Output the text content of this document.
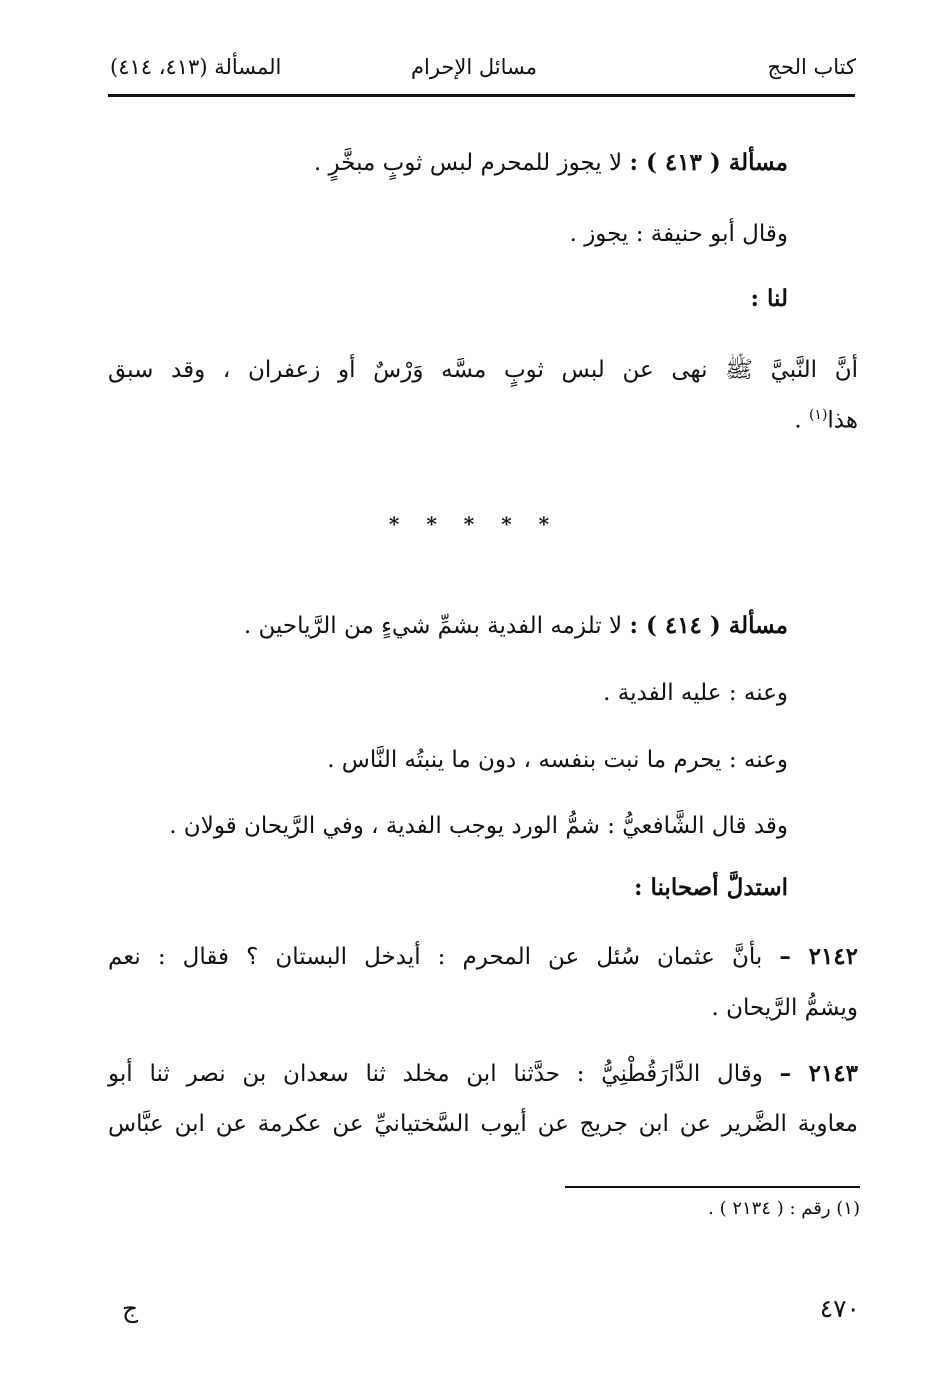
كتاب الحج
مسائل الإحرام
المسألة (٤١٣، ٤١٤)
مسألة ( ٤١٣ ) : لا يجوز للمحرم لبس ثوبٍ مبخَّرٍ .
وقال أبو حنيفة : يجوز .
لنا :
أنَّ النَّبيَّ ﷺ نهى عن لبس ثوبٍ مسَّه وَرْسٌ أو زعفران ، وقد سبق
هذا$^{(١)}$ .
* * * * *
مسألة ( ٤١٤ ) : لا تلزمه الفدية بشمِّ شيءٍ من الرَّياحين .
وعنه : عليه الفدية .
وعنه : يحرم ما نبت بنفسه ، دون ما ينبتُه النَّاس .
وقد قال الشَّافعيُّ : شمُّ الورد يوجب الفدية ، وفي الرَّيحان قولان .
استدلَّ أصحابنا :
٢١٤٢ – بأنَّ عثمان سُئل عن المحرم : أيدخل البستان ؟ فقال : نعم
ويشمُّ الرَّيحان .
٢١٤٣ – وقال الدَّارَقُطْنِيُّ : حدَّثنا ابن مخلد ثنا سعدان بن نصر ثنا أبو
معاوية الضَّرير عن ابن جريج عن أيوب السَّختيانيِّ عن عكرمة عن ابن عبَّاس
(١) رقم : ( ٢١٣٤ ) .
٤٧٠
ج
